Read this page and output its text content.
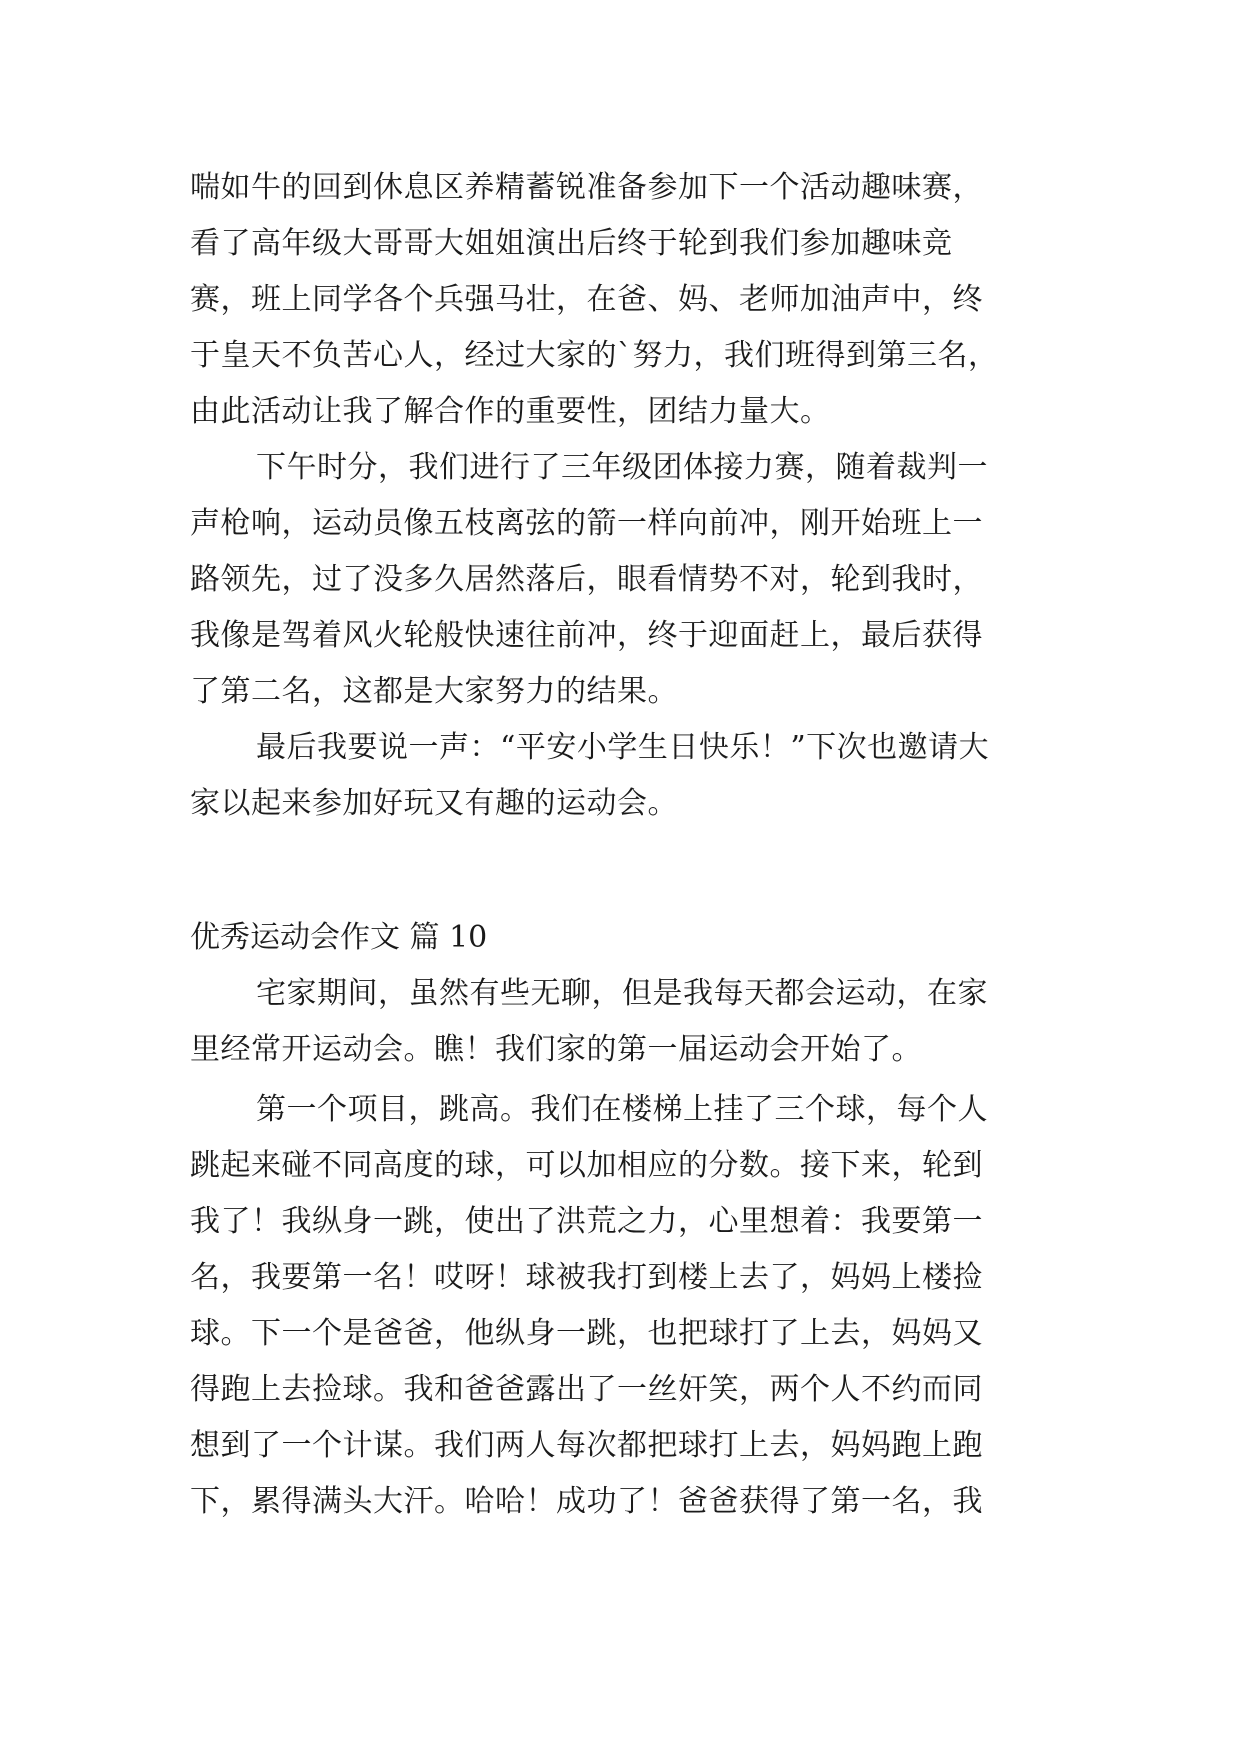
喘如牛的回到休息区养精蓄锐准备参加下一个活动趣味赛，
看了高年级大哥哥大姐姐演出后终于轮到我们参加趣味竞
赛，班上同学各个兵强马壮，在爸、妈、老师加油声中，终
于皇天不负苦心人，经过大家的`努力，我们班得到第三名，
由此活动让我了解合作的重要性，团结力量大。
下午时分，我们进行了三年级团体接力赛，随着裁判一
声枪响，运动员像五枝离弦的箭一样向前冲，刚开始班上一
路领先，过了没多久居然落后，眼看情势不对，轮到我时，
我像是驾着风火轮般快速往前冲，终于迎面赶上，最后获得
了第二名，这都是大家努力的结果。
最后我要说一声：“平安小学生日快乐！”下次也邀请大
家以起来参加好玩又有趣的运动会。
优秀运动会作文 篇 10
宅家期间，虽然有些无聊，但是我每天都会运动，在家
里经常开运动会。瞧！我们家的第一届运动会开始了。
第一个项目，跳高。我们在楼梯上挂了三个球，每个人
跳起来碰不同高度的球，可以加相应的分数。接下来，轮到
我了！我纵身一跳，使出了洪荒之力，心里想着：我要第一
名，我要第一名！哎呀！球被我打到楼上去了，妈妈上楼捡
球。下一个是爸爸，他纵身一跳，也把球打了上去，妈妈又
得跑上去捡球。我和爸爸露出了一丝奸笑，两个人不约而同
想到了一个计谋。我们两人每次都把球打上去，妈妈跑上跑
下，累得满头大汗。哈哈！成功了！爸爸获得了第一名，我
